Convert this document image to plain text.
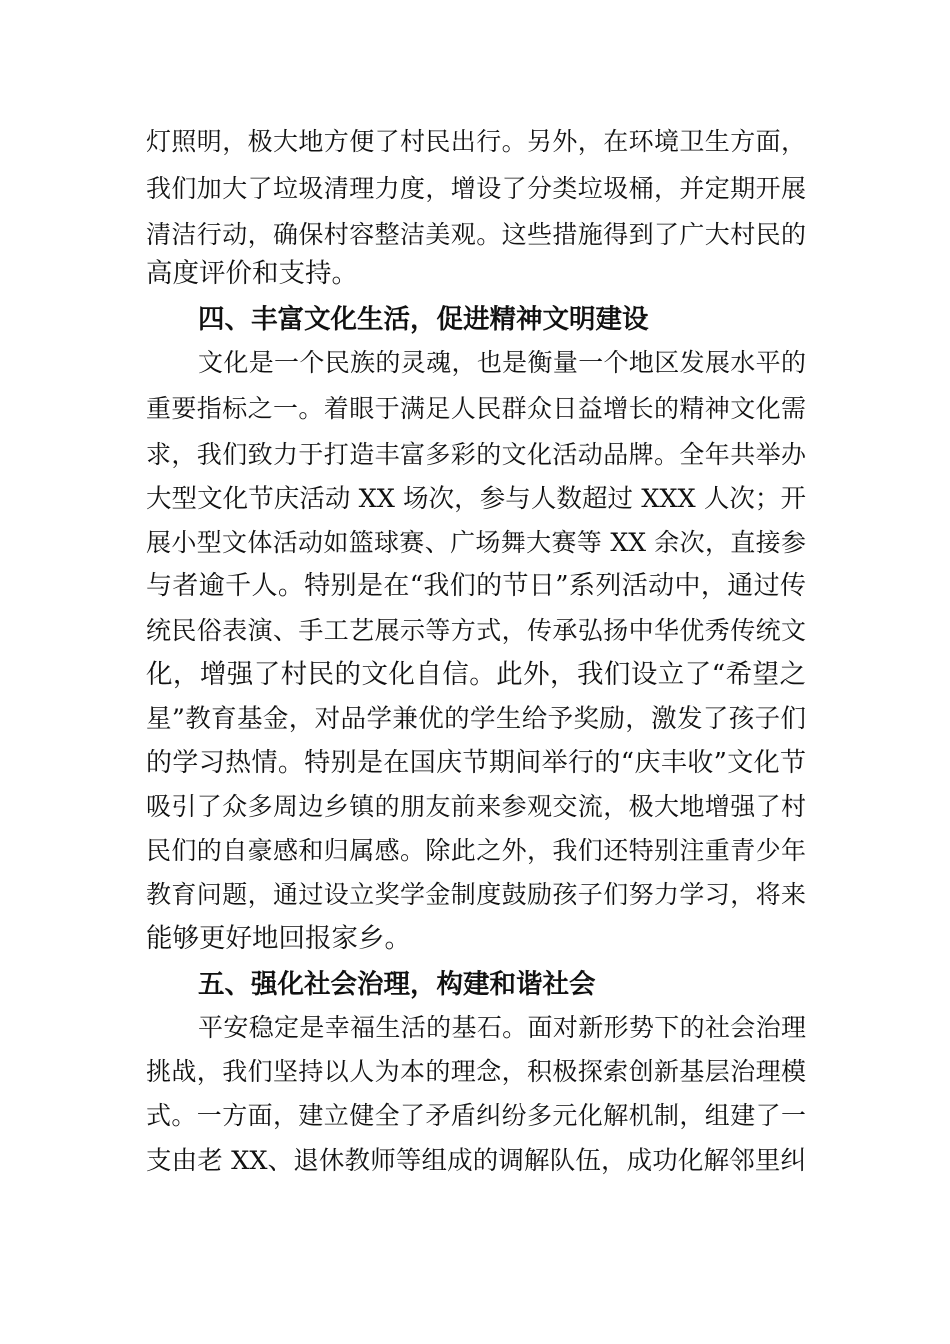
灯照明，极大地方便了村民出行。另外，在环境卫生方面，
我们加大了垃圾清理力度，增设了分类垃圾桶，并定期开展
清洁行动，确保村容整洁美观。这些措施得到了广大村民的
高度评价和支持。
四、丰富文化生活，促进精神文明建设
文化是一个民族的灵魂，也是衡量一个地区发展水平的
重要指标之一。着眼于满足人民群众日益增长的精神文化需
求，我们致力于打造丰富多彩的文化活动品牌。全年共举办
大型文化节庆活动 XX 场次，参与人数超过 XXX 人次；开
展小型文体活动如篮球赛、广场舞大赛等 XX 余次，直接参
与者逾千人。特别是在“我们的节日”系列活动中，通过传
统民俗表演、手工艺展示等方式，传承弘扬中华优秀传统文
化，增强了村民的文化自信。此外，我们设立了“希望之
星”教育基金，对品学兼优的学生给予奖励，激发了孩子们
的学习热情。特别是在国庆节期间举行的“庆丰收”文化节
吸引了众多周边乡镇的朋友前来参观交流，极大地增强了村
民们的自豪感和归属感。除此之外，我们还特别注重青少年
教育问题，通过设立奖学金制度鼓励孩子们努力学习，将来
能够更好地回报家乡。
五、强化社会治理，构建和谐社会
平安稳定是幸福生活的基石。面对新形势下的社会治理
挑战，我们坚持以人为本的理念，积极探索创新基层治理模
式。一方面，建立健全了矛盾纠纷多元化解机制，组建了一
支由老 XX、退休教师等组成的调解队伍，成功化解邻里纠
